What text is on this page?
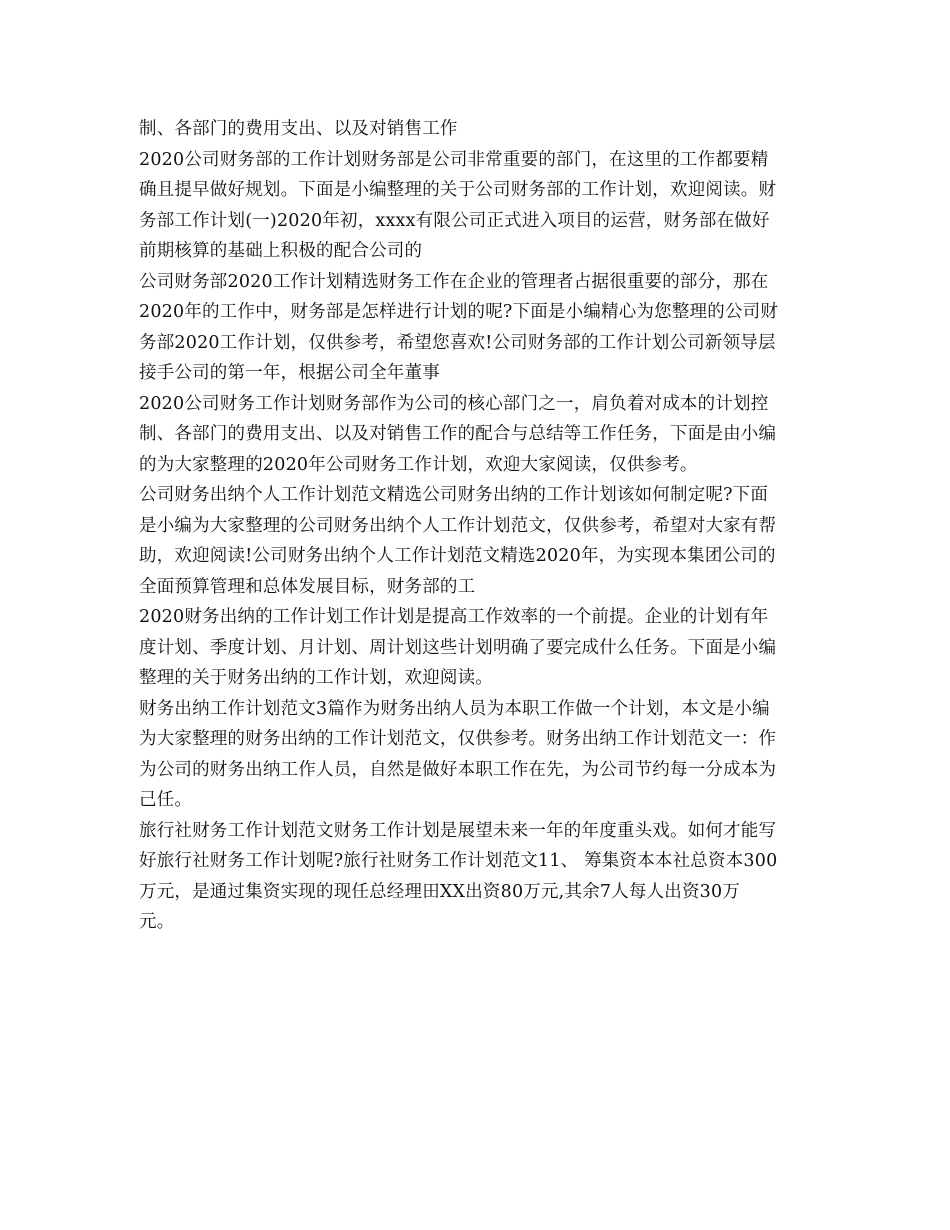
制、各部门的费用支出、以及对销售工作
2020公司财务部的工作计划财务部是公司非常重要的部门，在这里的工作都要精
确且提早做好规划。下面是小编整理的关于公司财务部的工作计划，欢迎阅读。财
务部工作计划(一)2020年初，xxxx有限公司正式进入项目的运营，财务部在做好
前期核算的基础上积极的配合公司的
公司财务部2020工作计划精选财务工作在企业的管理者占据很重要的部分，那在
2020年的工作中，财务部是怎样进行计划的呢?下面是小编精心为您整理的公司财
务部2020工作计划，仅供参考，希望您喜欢!公司财务部的工作计划公司新领导层
接手公司的第一年，根据公司全年董事
2020公司财务工作计划财务部作为公司的核心部门之一，肩负着对成本的计划控
制、各部门的费用支出、以及对销售工作的配合与总结等工作任务，下面是由小编
的为大家整理的2020年公司财务工作计划，欢迎大家阅读，仅供参考。
公司财务出纳个人工作计划范文精选公司财务出纳的工作计划该如何制定呢?下面
是小编为大家整理的公司财务出纳个人工作计划范文，仅供参考，希望对大家有帮
助，欢迎阅读!公司财务出纳个人工作计划范文精选2020年，为实现本集团公司的
全面预算管理和总体发展目标，财务部的工
2020财务出纳的工作计划工作计划是提高工作效率的一个前提。企业的计划有年
度计划、季度计划、月计划、周计划这些计划明确了要完成什么任务。下面是小编
整理的关于财务出纳的工作计划，欢迎阅读。
财务出纳工作计划范文3篇作为财务出纳人员为本职工作做一个计划，本文是小编
为大家整理的财务出纳的工作计划范文，仅供参考。财务出纳工作计划范文一：作
为公司的财务出纳工作人员，自然是做好本职工作在先，为公司节约每一分成本为
己任。
旅行社财务工作计划范文财务工作计划是展望未来一年的年度重头戏。如何才能写
好旅行社财务工作计划呢?旅行社财务工作计划范文11、 筹集资本本社总资本300
万元，是通过集资实现的现任总经理田XX出资80万元,其余7人每人出资30万
元。
